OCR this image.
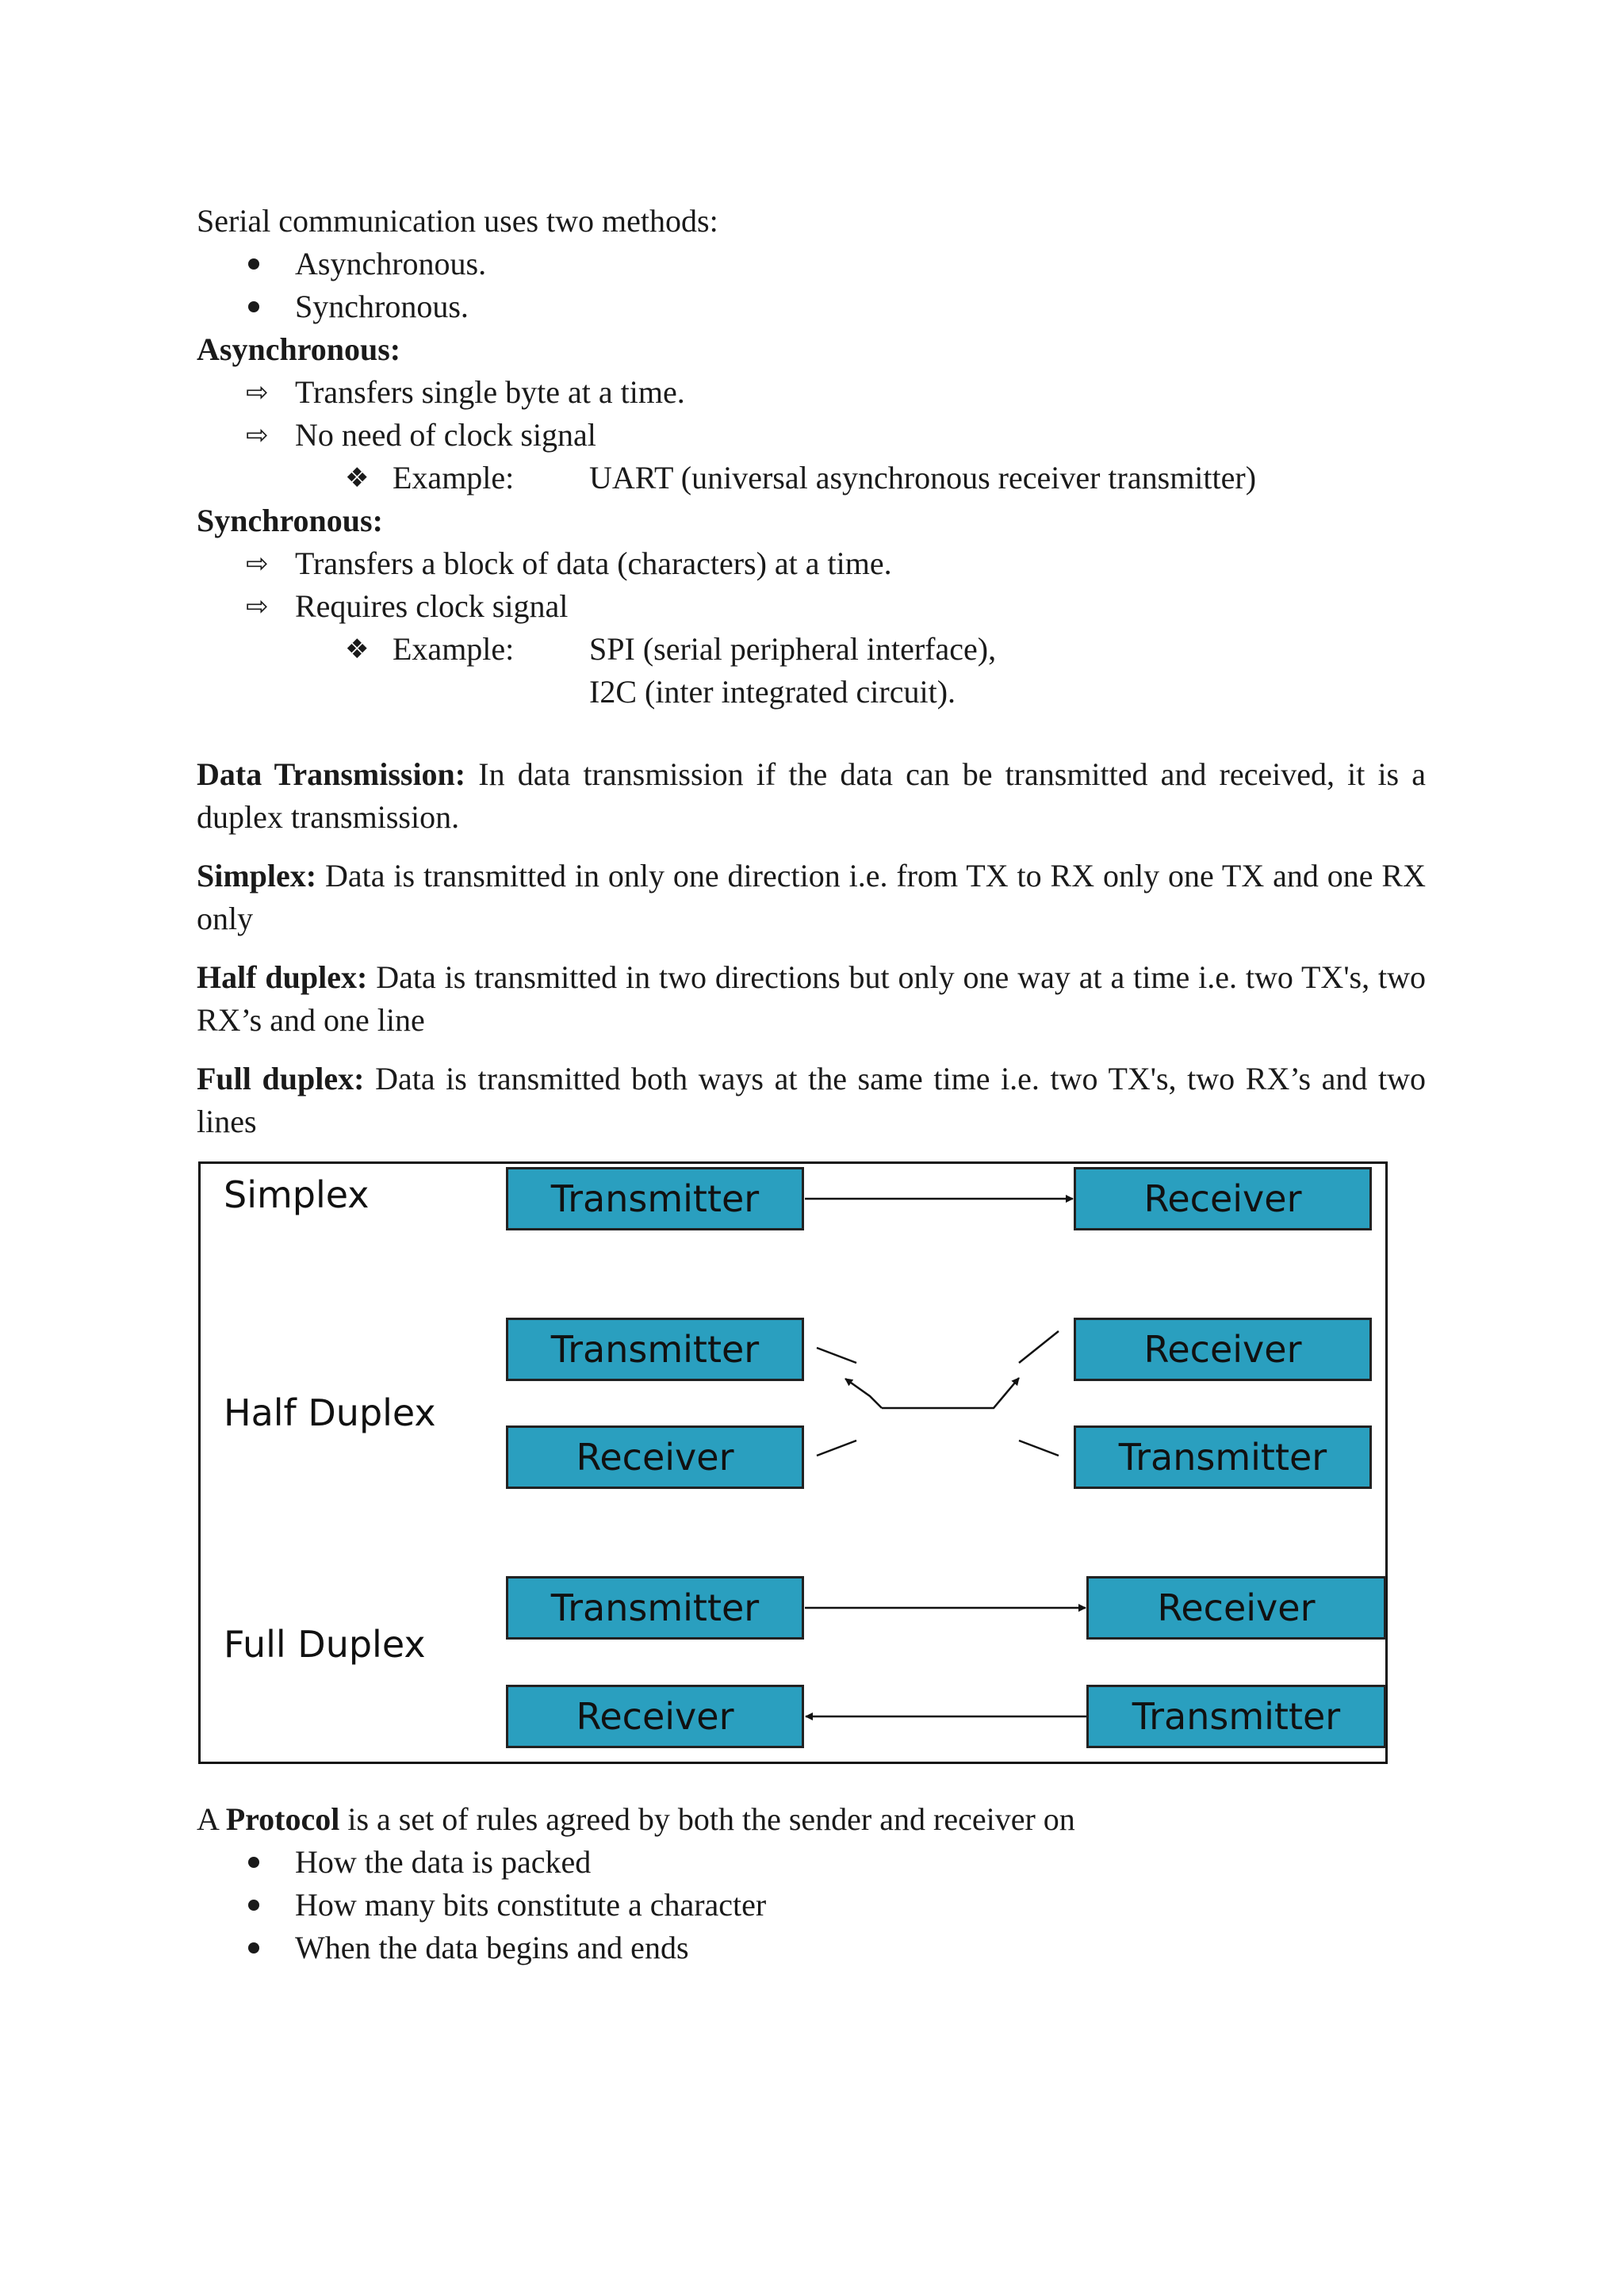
Serial communication uses two methods:
Asynchronous.
Synchronous.
Asynchronous:
⇨ Transfers single byte at a time.
⇨ No need of clock signal
❖ Example: UART (universal asynchronous receiver transmitter)
Synchronous:
⇨ Transfers a block of data (characters) at a time.
⇨ Requires clock signal
❖ Example: SPI (serial peripheral interface),
I2C (inter integrated circuit).
Data Transmission: In data transmission if the data can be transmitted and received, it is a duplex transmission.
Simplex: Data is transmitted in only one direction i.e. from TX to RX only one TX and one RX only
Half duplex: Data is transmitted in two directions but only one way at a time i.e. two TX's, two RX’s and one line
Full duplex: Data is transmitted both ways at the same time i.e. two TX's, two RX’s and two lines
Simplex
Half Duplex
Full Duplex
Transmitter	Receiver
Transmitter	Receiver
Receiver	Transmitter
Transmitter	Receiver
Receiver	Transmitter
A Protocol is a set of rules agreed by both the sender and receiver on
How the data is packed
How many bits constitute a character
When the data begins and ends
